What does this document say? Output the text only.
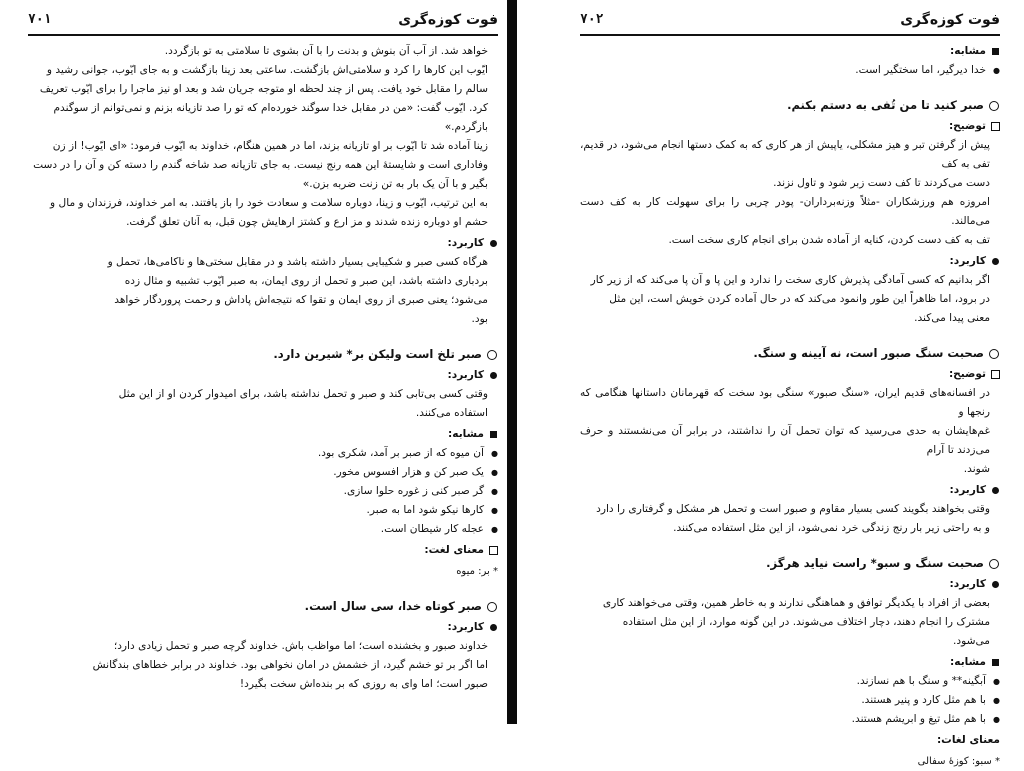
فوت کوزه‌گری
۷۰۱

خواهد شد. از آب آن بنوش و بدنت را با آن بشوی تا سلامتی به تو بازگردد.

ایّوب این کارها را کرد و سلامتی‌اش بازگشت. ساعتی بعد زینا بازگشت و به جای ایّوب، جوانی رشید و

سالم را مقابل خود یافت. پس از چند لحظه او متوجه جریان شد و بعد او نیز ماجرا را برای ایّوب تعریف

کرد. ایّوب گفت: «من در مقابل خدا سوگند خورده‌ام که تو را صد تازیانه بزنم و نمی‌توانم از سوگندم

بازگردم.»

زینا آماده شد تا ایّوب بر او تازیانه بزند، اما در همین هنگام، خداوند به ایّوب فرمود: «ای ایّوب! از زن

وفاداری است و شایستهٔ این همه رنج نیست. به جای تازیانه صد شاخه گندم را دسته کن و آن را در دست

بگیر و با آن یک بار به تن زنت ضربه بزن.»

به این ترتیب، ایّوب و زینا، دوباره سلامت و سعادت خود را باز یافتند. به امر خداوند، فرزندان و مال و

حشم او دوباره زنده شدند و مز ارع و کشتز ارهایش چون قبل، به آنان تعلق گرفت.

کاربرد:

هرگاه کسی صبر و شکیبایی بسیار داشته باشد و در مقابل سختی‌ها و ناکامی‌ها، تحمل و

بردباری داشته باشد، این صبر و تحمل از روی ایمان، به صبر ایّوب تشبیه و مثال زده

می‌شود؛ یعنی صبری از روی ایمان و تقوا که نتیجه‌اش پاداش و رحمت پروردگار خواهد

بود.

صبر تلخ است ولیکن بر* شیرین دارد.
کاربرد:

وقتی کسی بی‌تابی کند و صبر و تحمل نداشته باشد، برای امیدوار کردن او از این مثل

استفاده می‌کنند.

مشابه:
● آن میوه که از صبر بر آمد، شکری بود.
● یک صبر کن و هزار افسوس مخور.
● گر صبر کنی ز غوره حلوا سازی.
● کارها نیکو شود اما به صبر.
● عجله کار شیطان است.
معنای لغت:
* بر: میوه
صبر کوتاه خدا، سی سال است.
کاربرد:

خداوند صبور و بخشنده است؛ اما مواظب باش. خداوند گرچه صبر و تحمل زیادی دارد؛

اما اگر بر تو خشم گیرد، از خشمش در امان نخواهی بود. خداوند در برابر خطاهای بندگانش

صبور است؛ اما وای به روزی که بر بنده‌اش سخت بگیرد!

فوت کوزه‌گری
۷۰۲
مشابه:
● خدا دیرگیر، اما سختگیر است.
صبر کنید تا من تُفی به دستم بکنم.
توضیح:

پیش از گرفتن تبر و هیز مشکلی، یاپیش از هر کاری که به کمک دستها انجام می‌شود، در قدیم، تفی به کف

دست می‌کردند تا کف دست زبر شود و تاول نزند.

امروزه هم ورزشکاران -مثلاً وزنه‌برداران- پودر چربی را برای سهولت کار به کف دست می‌مالند.

تف به کف دست کردن، کنایه از آماده شدن برای انجام کاری سخت است.

کاربرد:

اگر بدانیم که کسی آمادگی پذیرش کاری سخت را ندارد و این پا و آن پا می‌کند که از زیر کار

در برود، اما ظاهراً این طور وانمود می‌کند که در حال آماده کردن خویش است، این مثل

معنی پیدا می‌کند.

صحبت سنگ صبور است، نه آیینه و سنگ.
توضیح:

در افسانه‌های قدیم ایران، «سنگ صبور» سنگی بود سخت که قهرمانان داستانها هنگامی که رنجها و

غم‌هایشان به حدی می‌رسید که توان تحمل آن را نداشتند، در برابر آن می‌نشستند و حرف می‌زدند تا آرام

شوند.

کاربرد:

وقتی بخواهند بگویند کسی بسیار مقاوم و صبور است و تحمل هر مشکل و گرفتاری را دارد

و به راحتی زیر بار رنج زندگی خرد نمی‌شود، از این مثل استفاده می‌کنند.

صحبت سنگ و سبو* راست نیاید هرگز.
کاربرد:

بعضی از افراد با یکدیگر توافق و هماهنگی ندارند و به خاطر همین، وقتی می‌خواهند کاری

مشترک را انجام دهند، دچار اختلاف می‌شوند. در این گونه موارد، از این مثل استفاده

می‌شود.

مشابه:
● آبگینه** و سنگ با هم نسازند.
● با هم مثل کارد و پنیر هستند.
● با هم مثل تیغ و ابریشم هستند.
معنای لغات:
* سبو: کوزهٔ سفالی
